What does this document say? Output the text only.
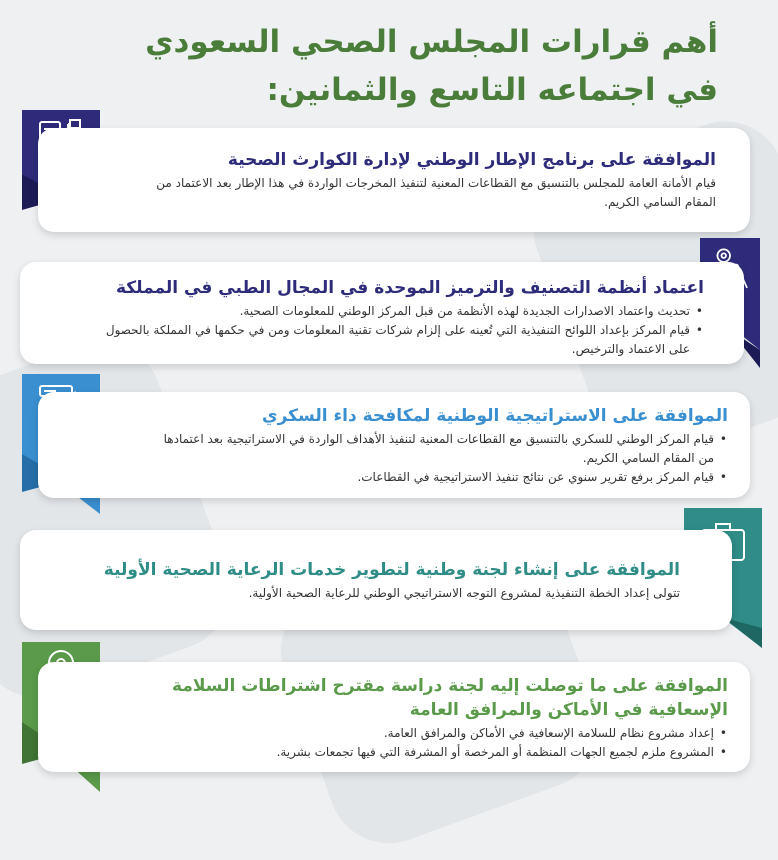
أهم قرارات المجلس الصحي السعودي
في اجتماعه التاسع والثمانين:

الموافقة على برنامج الإطار الوطني لإدارة الكوارث الصحية

قيام الأمانة العامة للمجلس بالتنسيق مع القطاعات المعنية لتنفيذ المخرجات الواردة في هذا الإطار بعد الاعتماد من المقام السامي الكريم.

اعتماد أنظمة التصنيف والترميز الموحدة في المجال الطبي في المملكة

• تحديث واعتماد الاصدارات الجديدة لهذه الأنظمة من قبل المركز الوطني للمعلومات الصحية.
• قيام المركز بإعداد اللوائح التنفيذية التي تُعينه على إلزام شركات تقنية المعلومات ومن في حكمها في المملكة بالحصول على الاعتماد والترخيص.

الموافقة على الاستراتيجية الوطنية لمكافحة داء السكري

• قيام المركز الوطني للسكري بالتنسيق مع القطاعات المعنية لتنفيذ الأهداف الواردة في الاستراتيجية بعد اعتمادها من المقام السامي الكريم.
• قيام المركز برفع تقرير سنوي عن نتائج تنفيذ الاستراتيجية في القطاعات.

الموافقة على إنشاء لجنة وطنية لتطوير خدمات الرعاية الصحية الأولية

تتولى إعداد الخطة التنفيذية لمشروع التوجه الاستراتيجي الوطني للرعاية الصحية الأولية.

الموافقة على ما توصلت إليه لجنة دراسة مقترح اشتراطات السلامة الإسعافية في الأماكن والمرافق العامة

• إعداد مشروع نظام للسلامة الإسعافية في الأماكن والمرافق العامة.
• المشروع ملزم لجميع الجهات المنظمة أو المرخصة أو المشرفة التي فيها تجمعات بشرية.
